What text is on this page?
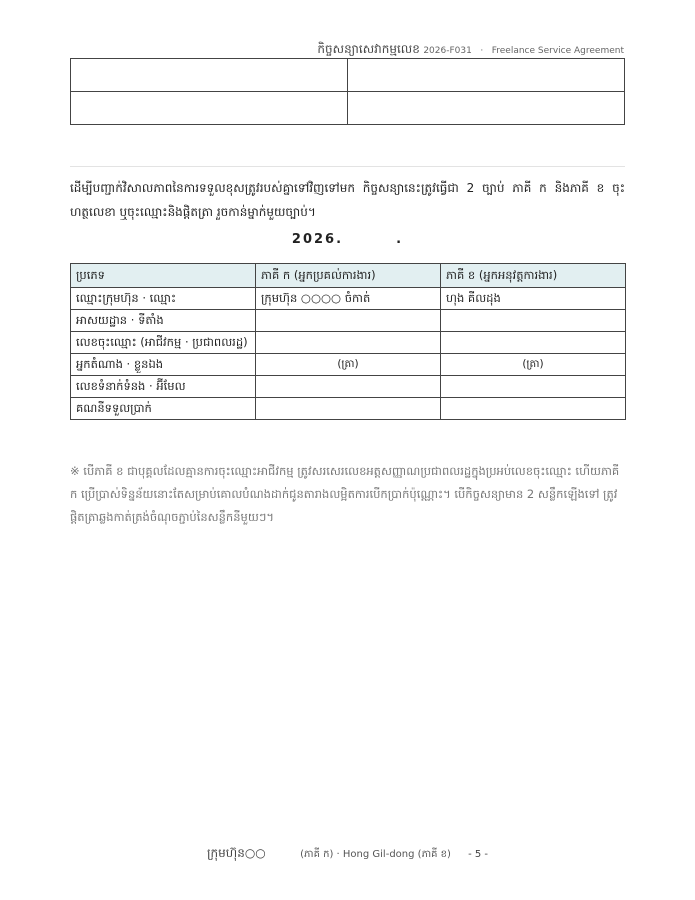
កិច្ចសន្យាសេវាកម្មលេខ 2026-F031 · Freelance Service Agreement

ដើម្បីបញ្ជាក់វិសាលភាពនៃការទទួលខុសត្រូវរបស់គ្នាទៅវិញទៅមក កិច្ចសន្យានេះត្រូវធ្វើជា 2 ច្បាប់ ភាគី ក និងភាគី ខ ចុះហត្ថលេខា ឬចុះឈ្មោះនិងផ្ដិតត្រា រួចកាន់ម្នាក់មួយច្បាប់។
2026.	.
ប្រភេទ	ភាគី ក (អ្នកប្រគល់ការងារ)	ភាគី ខ (អ្នកអនុវត្តការងារ)
ឈ្មោះក្រុមហ៊ុន · ឈ្មោះ	ក្រុមហ៊ុន ○○○○ ចំកាត់	ហុង គីលដុង
អាសយដ្ឋាន · ទីតាំង		
លេខចុះឈ្មោះ (អាជីវកម្ម · ប្រជាពលរដ្ឋ)		
អ្នកតំណាង · ខ្លួនឯង	(ត្រា)	(ត្រា)
លេខទំនាក់ទំនង · អ៊ីមែល		
គណនីទទួលប្រាក់		
※ បើភាគី ខ ជាបុគ្គលដែលគ្មានការចុះឈ្មោះអាជីវកម្ម ត្រូវសរសេរលេខអត្តសញ្ញាណប្រជាពលរដ្ឋក្នុងប្រអប់លេខចុះឈ្មោះ ហើយភាគី ក ប្រើប្រាស់ទិន្នន័យនោះតែសម្រាប់គោលបំណងដាក់ជូនតារាងលម្អិតការបើកប្រាក់ប៉ុណ្ណោះ។ បើកិច្ចសន្យាមាន 2 សន្លឹកឡើងទៅ ត្រូវផ្ដិតត្រាឆ្លងកាត់ត្រង់ចំណុចភ្ជាប់នៃសន្លឹកនីមួយៗ។
ក្រុមហ៊ុន○○	(ភាគី ក) · Hong Gil-dong (ភាគី ខ) - 5 -
